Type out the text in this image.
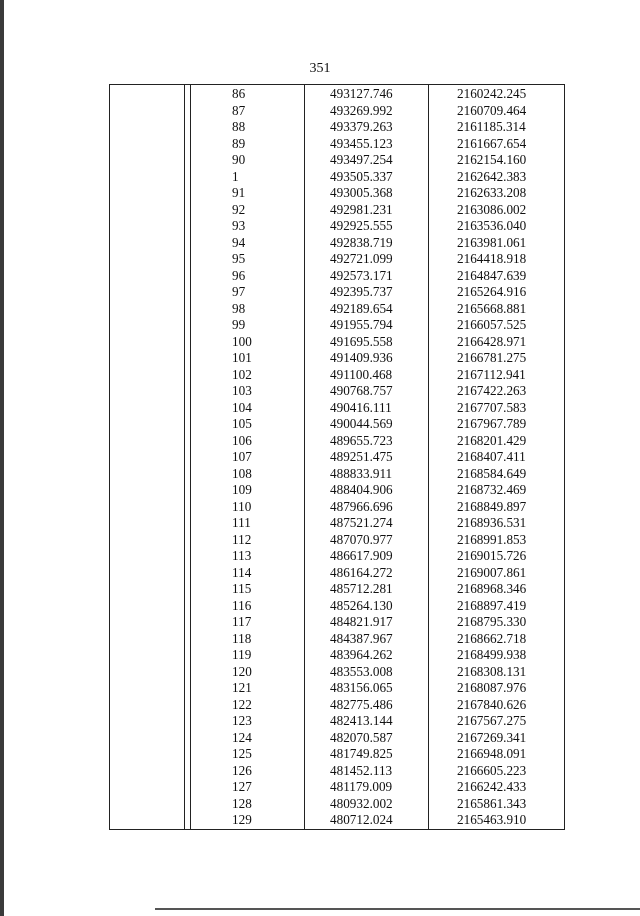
351
86	493127.746	2160242.245
87	493269.992	2160709.464
88	493379.263	2161185.314
89	493455.123	2161667.654
90	493497.254	2162154.160
1	493505.337	2162642.383
91	493005.368	2162633.208
92	492981.231	2163086.002
93	492925.555	2163536.040
94	492838.719	2163981.061
95	492721.099	2164418.918
96	492573.171	2164847.639
97	492395.737	2165264.916
98	492189.654	2165668.881
99	491955.794	2166057.525
100	491695.558	2166428.971
101	491409.936	2166781.275
102	491100.468	2167112.941
103	490768.757	2167422.263
104	490416.111	2167707.583
105	490044.569	2167967.789
106	489655.723	2168201.429
107	489251.475	2168407.411
108	488833.911	2168584.649
109	488404.906	2168732.469
110	487966.696	2168849.897
111	487521.274	2168936.531
112	487070.977	2168991.853
113	486617.909	2169015.726
114	486164.272	2169007.861
115	485712.281	2168968.346
116	485264.130	2168897.419
117	484821.917	2168795.330
118	484387.967	2168662.718
119	483964.262	2168499.938
120	483553.008	2168308.131
121	483156.065	2168087.976
122	482775.486	2167840.626
123	482413.144	2167567.275
124	482070.587	2167269.341
125	481749.825	2166948.091
126	481452.113	2166605.223
127	481179.009	2166242.433
128	480932.002	2165861.343
129	480712.024	2165463.910
